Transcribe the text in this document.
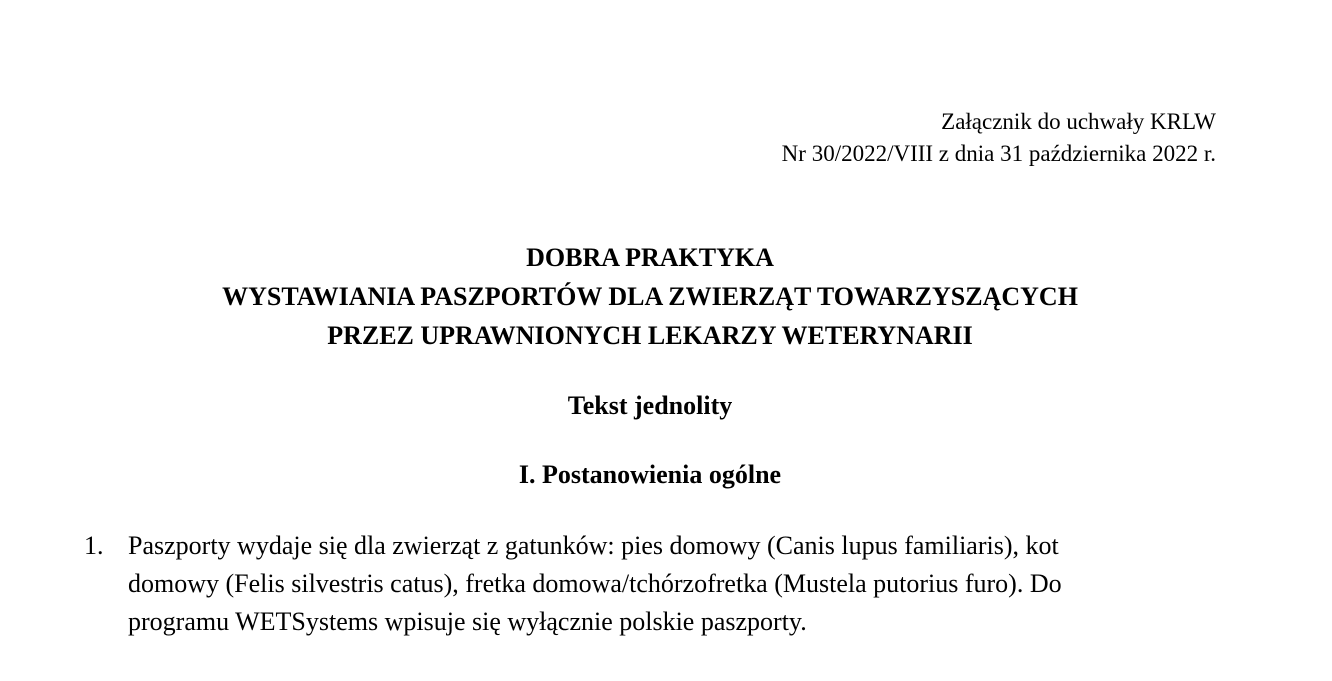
Załącznik do uchwały KRLW
Nr 30/2022/VIII z dnia 31 października 2022 r.
DOBRA PRAKTYKA
WYSTAWIANIA PASZPORTÓW DLA ZWIERZĄT TOWARZYSZĄCYCH
PRZEZ UPRAWNIONYCH LEKARZY WETERYNARII
Tekst jednolity
I. Postanowienia ogólne
1. Paszporty wydaje się dla zwierząt z gatunków: pies domowy (Canis lupus familiaris), kot
domowy (Felis silvestris catus), fretka domowa/tchórzofretka (Mustela putorius furo). Do
programu WETSystems wpisuje się wyłącznie polskie paszporty.
